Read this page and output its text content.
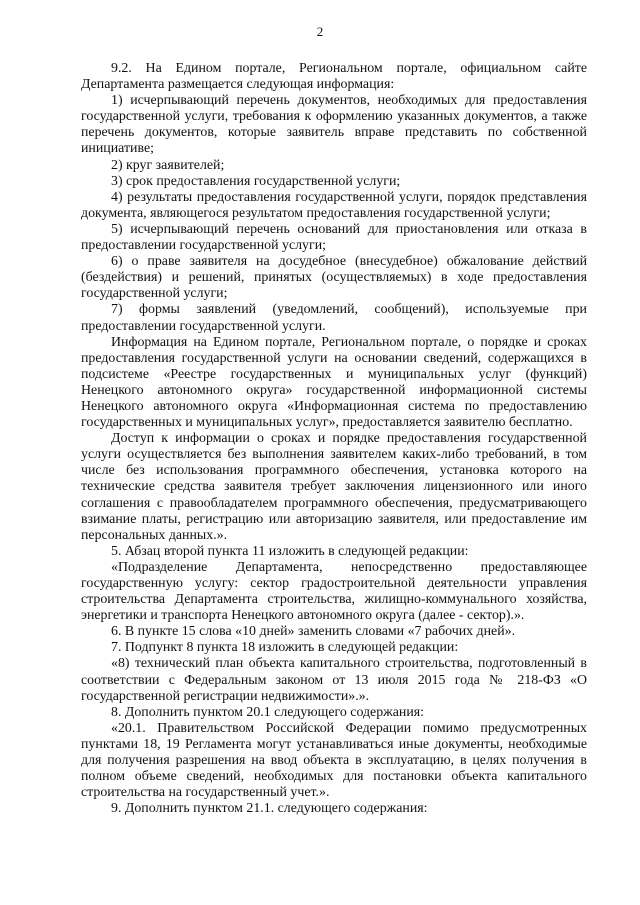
2

9.2. На Едином портале, Региональном портале, официальном сайте Департамента размещается следующая информация:

1) исчерпывающий перечень документов, необходимых для предоставления государственной услуги, требования к оформлению указанных документов, а также перечень документов, которые заявитель вправе представить по собственной инициативе;

2) круг заявителей;

3) срок предоставления государственной услуги;

4) результаты предоставления государственной услуги, порядок представления документа, являющегося результатом предоставления государственной услуги;

5) исчерпывающий перечень оснований для приостановления или отказа в предоставлении государственной услуги;

6) о праве заявителя на досудебное (внесудебное) обжалование действий (бездействия) и решений, принятых (осуществляемых) в ходе предоставления государственной услуги;

7) формы заявлений (уведомлений, сообщений), используемые при предоставлении государственной услуги.

Информация на Едином портале, Региональном портале, о порядке и сроках предоставления государственной услуги на основании сведений, содержащихся в подсистеме «Реестре государственных и муниципальных услуг (функций) Ненецкого автономного округа» государственной информационной системы Ненецкого автономного округа «Информационная система по предоставлению государственных и муниципальных услуг», предоставляется заявителю бесплатно.

Доступ к информации о сроках и порядке предоставления государственной услуги осуществляется без выполнения заявителем каких-либо требований, в том числе без использования программного обеспечения, установка которого на технические средства заявителя требует заключения лицензионного или иного соглашения с правообладателем программного обеспечения, предусматривающего взимание платы, регистрацию или авторизацию заявителя, или предоставление им персональных данных.».

5. Абзац второй пункта 11 изложить в следующей редакции:

«Подразделение Департамента, непосредственно предоставляющее государственную услугу: сектор градостроительной деятельности управления строительства Департамента строительства, жилищно-коммунального хозяйства, энергетики и транспорта Ненецкого автономного округа (далее - сектор).».

6. В пункте 15 слова «10 дней» заменить словами «7 рабочих дней».

7. Подпункт 8 пункта 18 изложить в следующей редакции:

«8) технический план объекта капитального строительства, подготовленный в соответствии с Федеральным законом от 13 июля 2015 года № 218-ФЗ «О государственной регистрации недвижимости».».

8. Дополнить пунктом 20.1 следующего содержания:

«20.1. Правительством Российской Федерации помимо предусмотренных пунктами 18, 19 Регламента могут устанавливаться иные документы, необходимые для получения разрешения на ввод объекта в эксплуатацию, в целях получения в полном объеме сведений, необходимых для постановки объекта капитального строительства на государственный учет.».

9. Дополнить пунктом 21.1. следующего содержания:
